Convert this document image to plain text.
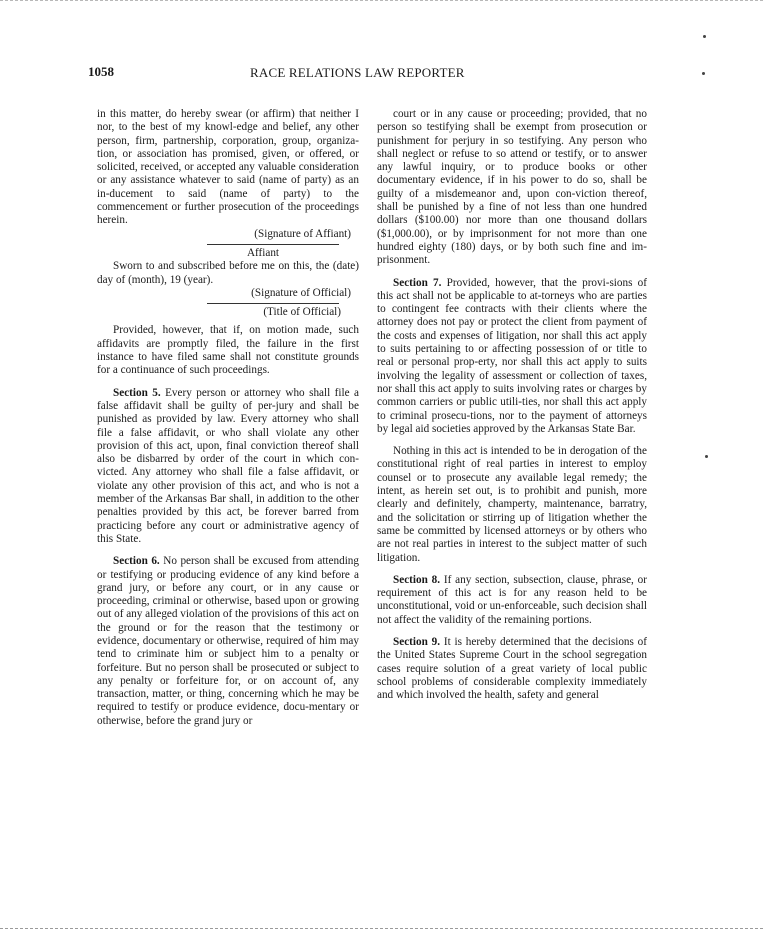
1058	RACE RELATIONS LAW REPORTER

in this matter, do hereby swear (or affirm) that neither I nor, to the best of my knowl-edge and belief, any other person, firm, partnership, corporation, group, organiza-tion, or association has promised, given, or offered, or solicited, received, or accepted any valuable consideration or any assistance whatever to said (name of party) as an in-ducement to said (name of party) to the commencement or further prosecution of the proceedings herein.

(Signature of Affiant)

Affiant

Sworn to and subscribed before me on this, the (date) day of (month), 19 (year).

(Signature of Official)

(Title of Official)

Provided, however, that if, on motion made, such affidavits are promptly filed, the failure in the first instance to have filed same shall not constitute grounds for a continuance of such proceedings.

Section 5. Every person or attorney who shall file a false affidavit shall be guilty of per-jury and shall be punished as provided by law. Every attorney who shall file a false affidavit, or who shall violate any other provision of this act, upon, final conviction thereof shall also be disbarred by order of the court in which con-victed. Any attorney who shall file a false affidavit, or violate any other provision of this act, and who is not a member of the Arkansas Bar shall, in addition to the other penalties provided by this act, be forever barred from practicing before any court or administrative agency of this State.

Section 6. No person shall be excused from attending or testifying or producing evidence of any kind before a grand jury, or before any court, or in any cause or proceeding, criminal or otherwise, based upon or growing out of any alleged violation of the provisions of this act on the ground or for the reason that the testimony or evidence, documentary or otherwise, required of him may tend to criminate him or subject him to a penalty or forfeiture. But no person shall be prosecuted or subject to any penalty or forfeiture for, or on account of, any transaction, matter, or thing, concerning which he may be required to testify or produce evidence, docu-mentary or otherwise, before the grand jury or

court or in any cause or proceeding; provided, that no person so testifying shall be exempt from prosecution or punishment for perjury in so testifying. Any person who shall neglect or refuse to so attend or testify, or to answer any lawful inquiry, or to produce books or other documentary evidence, if in his power to do so, shall be guilty of a misdemeanor and, upon con-viction thereof, shall be punished by a fine of not less than one hundred dollars ($100.00) nor more than one thousand dollars ($1,000.00), or by imprisonment for not more than one hundred eighty (180) days, or by both such fine and im-prisonment.

Section 7. Provided, however, that the provi-sions of this act shall not be applicable to at-torneys who are parties to contingent fee contracts with their clients where the attorney does not pay or protect the client from payment of the costs and expenses of litigation, nor shall this act apply to suits pertaining to or affecting possession of or title to real or personal prop-erty, nor shall this act apply to suits involving the legality of assessment or collection of taxes, nor shall this act apply to suits involving rates or charges by common carriers or public utili-ties, nor shall this act apply to criminal prosecu-tions, nor to the payment of attorneys by legal aid societies approved by the Arkansas State Bar.

Nothing in this act is intended to be in derogation of the constitutional right of real parties in interest to employ counsel or to prosecute any available legal remedy; the intent, as herein set out, is to prohibit and punish, more clearly and definitely, champerty, maintenance, barratry, and the solicitation or stirring up of litigation whether the same be committed by licensed attorneys or by others who are not real parties in interest to the subject matter of such litigation.

Section 8. If any section, subsection, clause, phrase, or requirement of this act is for any reason held to be unconstitutional, void or un-enforceable, such decision shall not affect the validity of the remaining portions.

Section 9. It is hereby determined that the decisions of the United States Supreme Court in the school segregation cases require solution of a great variety of local public school problems of considerable complexity immediately and which involved the health, safety and general
